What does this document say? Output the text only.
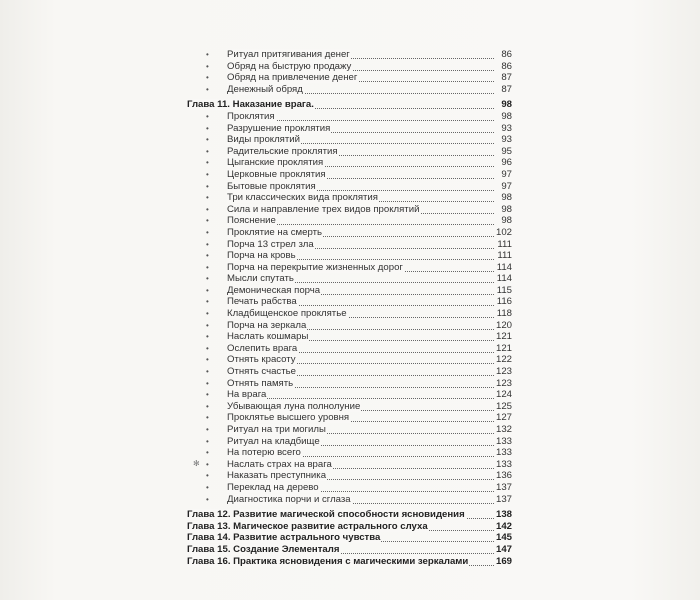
• Ритуал притягивания денег	86
• Обряд на быструю продажу	86
• Обряд на привлечение денег	87
• Денежный обряд	87
Глава 11. Наказание врага.	98
• Проклятия	98
• Разрушение проклятия	93
• Виды проклятий	93
• Радительские проклятия	95
• Цыганские проклятия	96
• Церковные проклятия	97
• Бытовые проклятия	97
• Три классических вида проклятия	98
• Сила и направление трех видов проклятий	98
• Пояснение	98
• Проклятие на смерть	102
• Порча 13 стрел зла	111
• Порча на кровь	111
• Порча на перекрытие жизненных дорог	114
• Мысли спутать	114
• Демоническая порча	115
• Печать рабства	116
• Кладбищенское проклятье	118
• Порча на зеркала	120
• Наслать кошмары	121
• Ослепить врага	121
• Отнять красоту	122
• Отнять счастье	123
• Отнять память	123
• На врага	124
• Убывающая луна полнолуние	125
• Проклятье высшего уровня	127
• Ритуал на три могилы	132
• Ритуал на кладбище	133
• На потерю всего	133
• Наслать страх на врага	133
• Наказать преступника	136
• Переклад на дерево	137
• Диагностика порчи и сглаза	137
Глава 12. Развитие магической способности ясновидения	138
Глава 13. Магическое развитие астрального слуха	142
Глава 14. Развитие астрального чувства	145
Глава 15. Создание Элементаля	147
Глава 16. Практика ясновидения с магическими зеркалами	169
✻
